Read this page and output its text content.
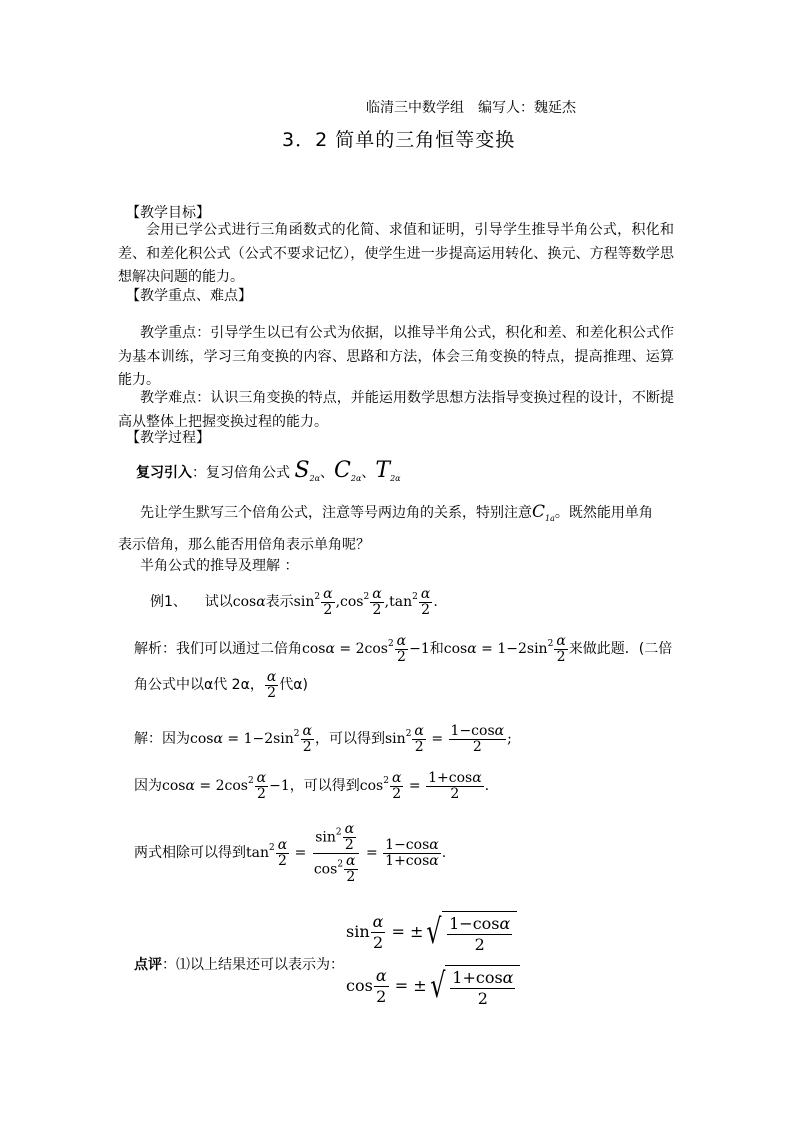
临清三中数学组　编写人：魏延杰
3．2 简单的三角恒等变换
【教学目标】
会用已学公式进行三角函数式的化简、求值和证明，引导学生推导半角公式，积化和差、和差化积公式（公式不要求记忆），使学生进一步提高运用转化、换元、方程等数学思想解决问题的能力。
【教学重点、难点】
教学重点：引导学生以已有公式为依据，以推导半角公式，积化和差、和差化积公式作为基本训练，学习三角变换的内容、思路和方法，体会三角变换的特点，提高推理、运算能力。
教学难点：认识三角变换的特点，并能运用数学思想方法指导变换过程的设计，不断提高从整体上把握变换过程的能力。
【教学过程】
复习引入：复习倍角公式 $S_{2\alpha}$、$C_{2\alpha}$、$T_{2\alpha}$
先让学生默写三个倍角公式，注意等号两边角的关系，特别注意$C_{1a}$。既然能用单角
表示倍角，那么能否用倍角表示单角呢？
半角公式的推导及理解 ：
例1、 试以cosα表示$\sin^2 \frac{\alpha}{2} ,\cos^2 \frac{\alpha}{2} ,\tan^2 \frac{\alpha}{2}$ .
解析：我们可以通过二倍角$\cos\alpha = 2\cos^2 \frac{\alpha}{2} -1$和$\cos\alpha = 1-2\sin^2 \frac{\alpha}{2}$ 来做此题．(二倍
角公式中以α代 2α， $\frac{\alpha}{2}$ 代α)
解：因为$\cos\alpha = 1-2\sin^2 \frac{\alpha}{2}$ ，可以得到$\sin^2 \frac{\alpha}{2} = \frac{1-\cos\alpha}{2}$ ;
因为$\cos\alpha = 2\cos^2 \frac{\alpha}{2} -1$，可以得到$\cos^2 \frac{\alpha}{2} = \frac{1+\cos\alpha}{2}$ .
两式相除可以得到$\tan^2 \frac{\alpha}{2} = \frac{\sin^2 \frac{\alpha}{2}}{\cos^2 \frac{\alpha}{2}} = \frac{1-\cos\alpha}{1+\cos\alpha}$ .
点评：⑴以上结果还可以表示为：
$\sin \frac{\alpha}{2}$ = ± √ $\frac{1-\cos\alpha}{2}$
$\cos \frac{\alpha}{2}$ = ± √ $\frac{1+\cos\alpha}{2}$
